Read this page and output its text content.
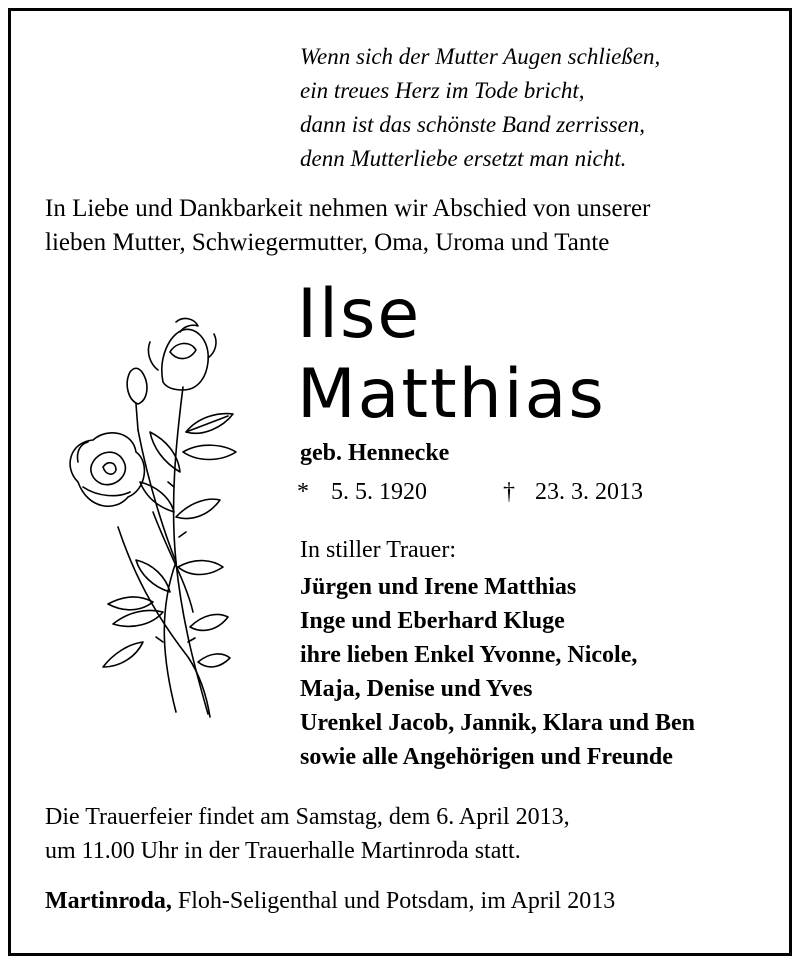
Wenn sich der Mutter Augen schließen,
ein treues Herz im Tode bricht,
dann ist das schönste Band zerrissen,
denn Mutterliebe ersetzt man nicht.
In Liebe und Dankbarkeit nehmen wir Abschied von unserer
lieben Mutter, Schwiegermutter, Oma, Uroma und Tante
Ilse
Matthias
geb. Hennecke
* 5. 5. 1920	† 23. 3. 2013
In stiller Trauer:
Jürgen und Irene Matthias
Inge und Eberhard Kluge
ihre lieben Enkel Yvonne, Nicole,
Maja, Denise und Yves
Urenkel Jacob, Jannik, Klara und Ben
sowie alle Angehörigen und Freunde
Die Trauerfeier findet am Samstag, dem 6. April 2013,
um 11.00 Uhr in der Trauerhalle Martinroda statt.
Martinroda, Floh-Seligenthal und Potsdam, im April 2013
